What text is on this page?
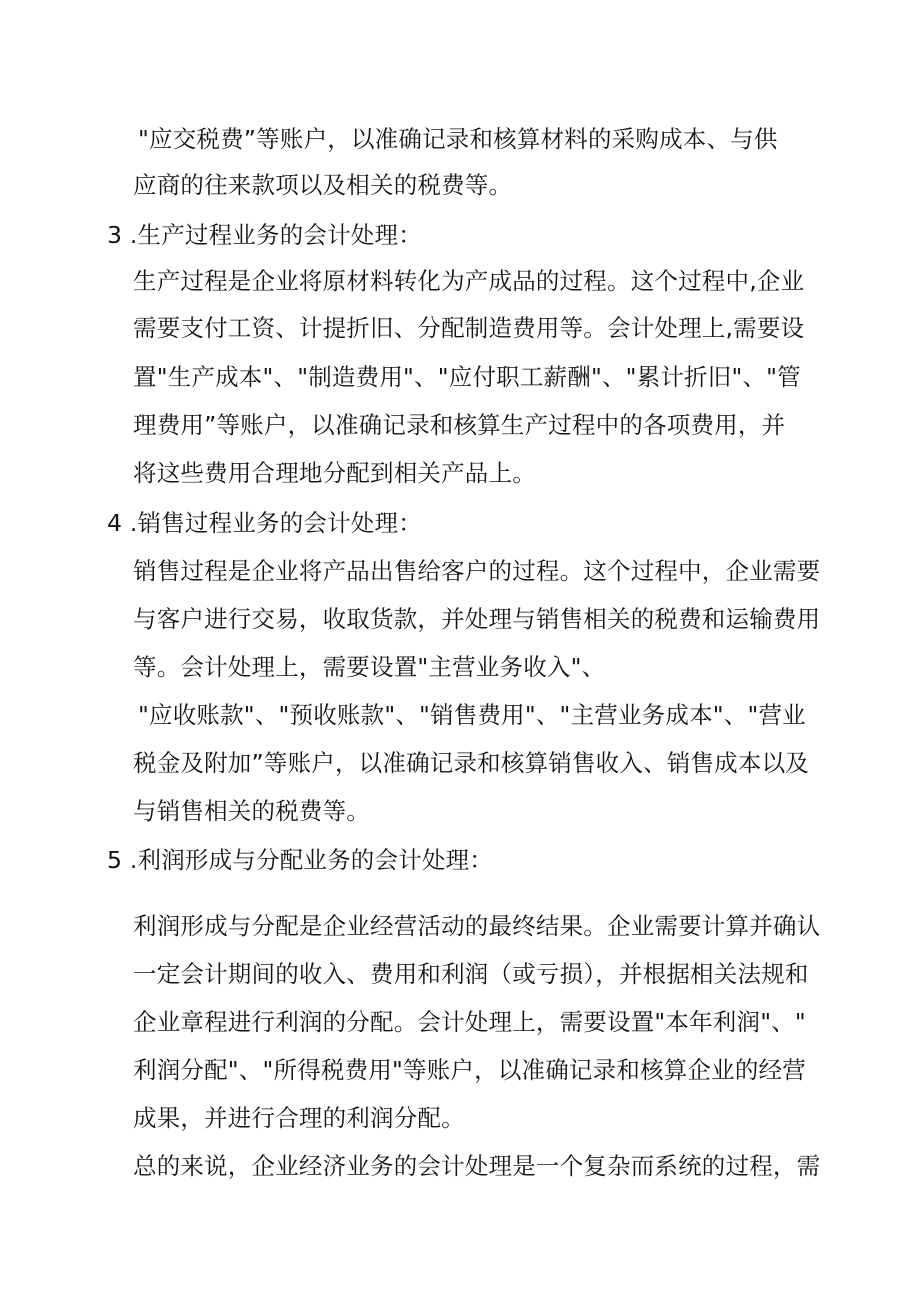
"应交税费”等账户，以准确记录和核算材料的采购成本、与供
应商的往来款项以及相关的税费等。
3 .生产过程业务的会计处理：
生产过程是企业将原材料转化为产成品的过程。这个过程中,企业
需要支付工资、计提折旧、分配制造费用等。会计处理上,需要设
置"生产成本"、"制造费用"、"应付职工薪酬"、"累计折旧"、"管
理费用”等账户，以准确记录和核算生产过程中的各项费用，并
将这些费用合理地分配到相关产品上。
4 .销售过程业务的会计处理：
销售过程是企业将产品出售给客户的过程。这个过程中，企业需要
与客户进行交易，收取货款，并处理与销售相关的税费和运输费用
等。会计处理上，需要设置"主营业务收入"、
"应收账款"、"预收账款"、"销售费用"、"主营业务成本"、"营业
税金及附加”等账户，以准确记录和核算销售收入、销售成本以及
与销售相关的税费等。
5 .利润形成与分配业务的会计处理：
利润形成与分配是企业经营活动的最终结果。企业需要计算并确认
一定会计期间的收入、费用和利润（或亏损），并根据相关法规和
企业章程进行利润的分配。会计处理上，需要设置"本年利润"、"
利润分配"、"所得税费用"等账户，以准确记录和核算企业的经营
成果，并进行合理的利润分配。
总的来说，企业经济业务的会计处理是一个复杂而系统的过程，需
